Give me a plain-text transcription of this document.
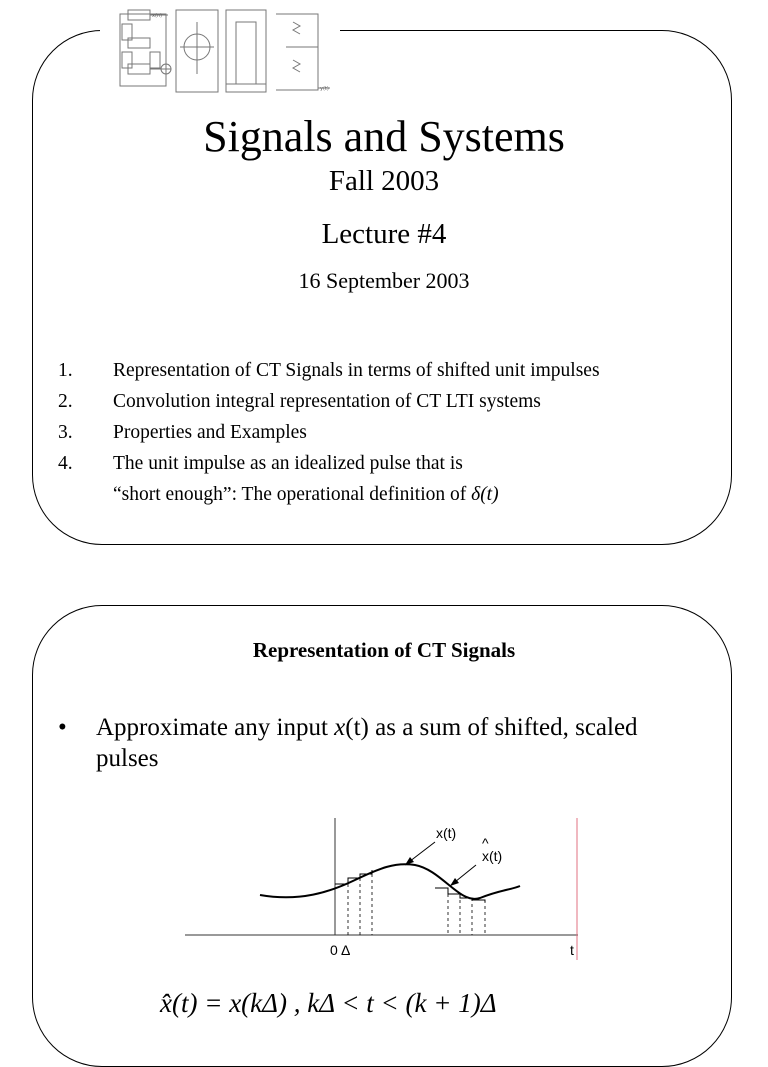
x(n)
y(t)
Signals and Systems
Fall 2003
Lecture #4
16 September 2003
1.	Representation of CT Signals in terms of shifted unit impulses
2.	Convolution integral representation of CT LTI systems
3.	Properties and Examples
4.	The unit impulse as an idealized pulse that is
“short enough”: The operational definition of δ(t)
Representation of CT Signals
•	Approximate any input x(t) as a sum of shifted, scaled
pulses
x(t)
^
x(t)
0 Δ	t
x̂(t) = x(kΔ) , kΔ < t < (k + 1)Δ
